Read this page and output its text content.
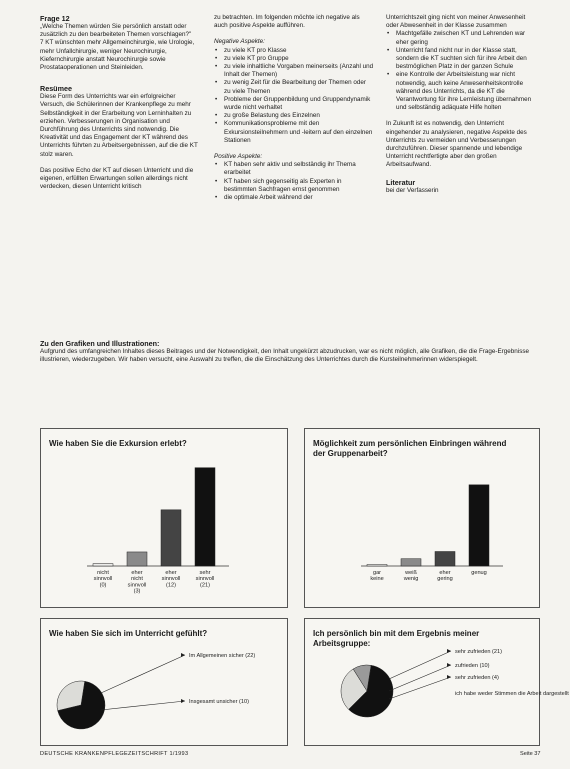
Frage 12

„Welche Themen würden Sie persönlich anstatt oder zusätzlich zu den bearbeiteten Themen vorschlagen?"

7 KT wünschten mehr Allgemeinchirurgie, wie Urologie, mehr Unfallchirurgie, weniger Neurochirurgie, Kiefernchirurgie anstatt Neurochirurgie sowie Prostataoperationen und Steinleiden.

Resümee

Diese Form des Unterrichts war ein erfolgreicher Versuch, die Schülerinnen der Krankenpflege zu mehr Selbständigkeit in der Erarbeitung von Lerninhalten zu erziehen. Verbesserungen in Organisation und Durchführung des Unterrichts sind notwendig. Die Kreativität und das Engagement der KT während des Unterrichts führten zu Arbeitsergebnissen, auf die die KT stolz waren.

Das positive Echo der KT auf diesen Unterricht und die eigenen, erfüllten Erwartungen sollen allerdings nicht verdecken, diesen Unterricht kritisch

zu betrachten. Im folgenden möchte ich negative als auch positive Aspekte aufführen.

Negative Aspekte:

• zu viele KT pro Klasse
• zu viele KT pro Gruppe
• zu viele inhaltliche Vorgaben meinerseits (Anzahl und Inhalt der Themen)
• zu wenig Zeit für die Bearbeitung der Themen oder zu viele Themen
• Probleme der Gruppenbildung und Gruppendynamik wurde nicht verhaltet
• zu große Belastung des Einzelnen
• Kommunikationsprobleme mit den Exkursionsteilnehmern und -leitern auf den einzelnen Stationen

Positive Aspekte:

• KT haben sehr aktiv und selbständig ihr Thema erarbeitet
• KT haben sich gegenseitig als Experten in bestimmten Sachfragen ernst genommen
• die optimale Arbeit während der

Unterrichtszeit ging nicht von meiner Anwesenheit oder Abwesenheit in der Klasse zusammen

• Machtgefälle zwischen KT und Lehrenden war eher gering
• Unterricht fand nicht nur in der Klasse statt, sondern die KT suchten sich für ihre Arbeit den bestmöglichen Platz in der ganzen Schule
• eine Kontrolle der Arbeitsleistung war nicht notwendig, auch keine Anwesenheitskontrolle während des Unterrichts, da die KT die Verantwortung für ihre Lernleistung übernahmen und selbständig adäquate Hilfe holten

In Zukunft ist es notwendig, den Unterricht eingehender zu analysieren, negative Aspekte des Unterrichts zu vermeiden und Verbesserungen durchzuführen. Dieser spannende und lebendige Unterricht rechtfertigte aber den großen Arbeitsaufwand.

Literatur

bei der Verfasserin

Zu den Grafiken und Illustrationen:
Aufgrund des umfangreichen Inhaltes dieses Beitrages und der Notwendigkeit, den Inhalt ungekürzt abzudrucken, war es nicht möglich, alle Grafiken, die die Frage-Ergebnisse illustrieren, wiederzugeben. Wir haben versucht, eine Auswahl zu treffen, die die Einschätzung des Unterrichtes durch die Kursteilnehmerinnen widerspiegelt.
Wie haben Sie die Exkursion erlebt?
nicht sinnvoll (0)
eher nicht sinnvoll (3)
eher sinnvoll (12)
sehr sinnvoll (21)
Möglichkeit zum persönlichen Einbringen während der Gruppenarbeit?
gar keine
weiß wenig
eher gering
genug
Wie haben Sie sich im Unterricht gefühlt?
Im Allgemeinen sicher (22)
Insgesamt unsicher (10)
Ich persönlich bin mit dem Ergebnis meiner Arbeitsgruppe:
sehr zufrieden (21)
zufrieden (10)
sehr zufrieden (4)
ich habe weder Stimmen die Arbeit dargestellt
DEUTSCHE KRANKENPFLEGEZEITSCHRIFT 1/1993	Seite 37
